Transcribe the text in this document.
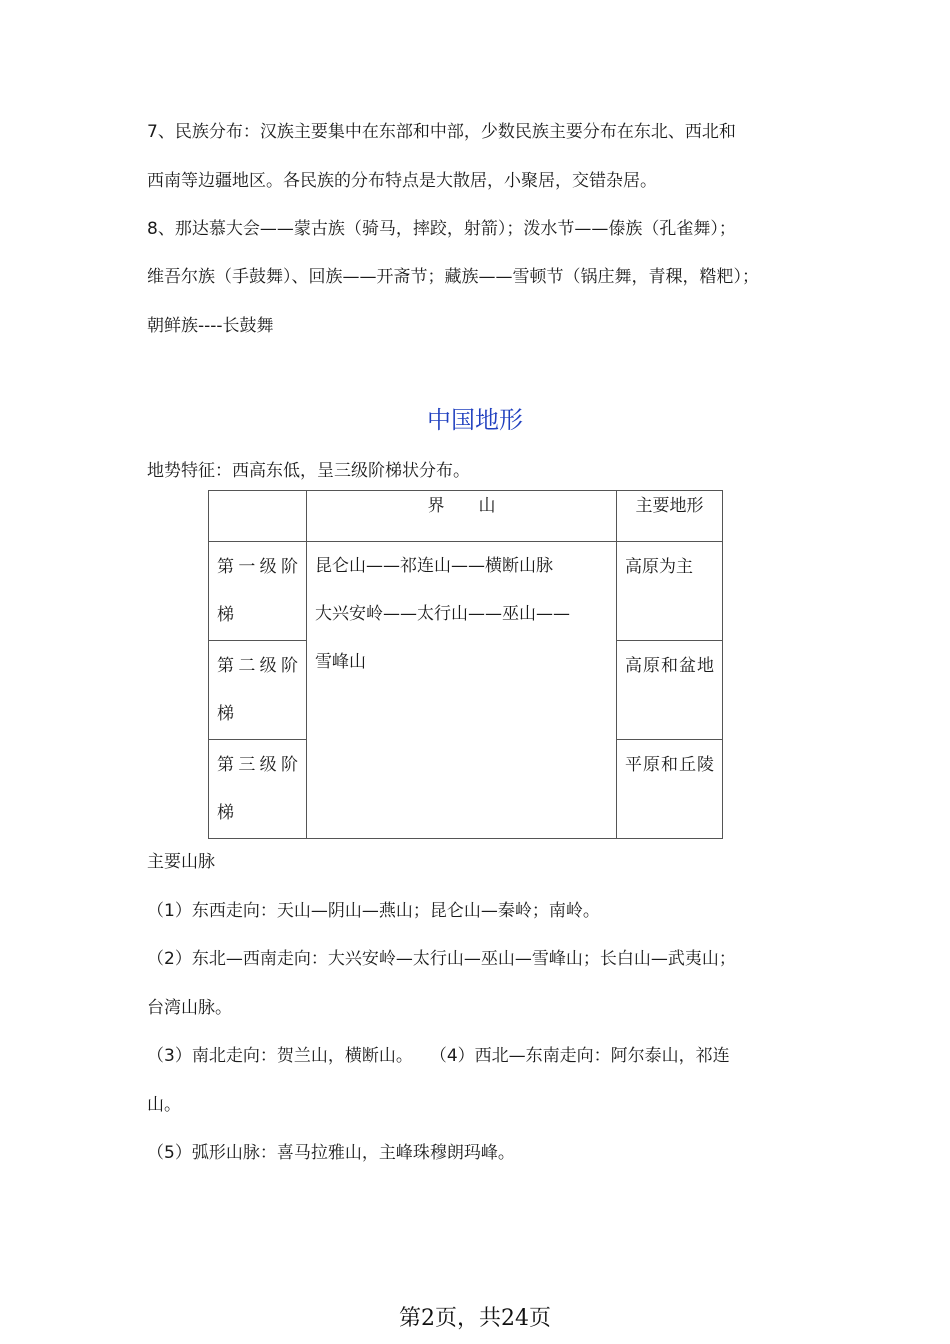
7、民族分布：汉族主要集中在东部和中部，少数民族主要分布在东北、西北和
西南等边疆地区。各民族的分布特点是大散居，小聚居，交错杂居。
8、那达慕大会——蒙古族（骑马，摔跤，射箭）；泼水节——傣族（孔雀舞）；
维吾尔族（手鼓舞）、回族——开斋节；藏族——雪顿节（锅庄舞，青稞，糌粑）；
朝鲜族----长鼓舞
中国地形
地势特征：西高东低，呈三级阶梯状分布。
	界　　山	主要地形
第一级阶梯	昆仑山——祁连山——横断山脉
大兴安岭——太行山——巫山——
雪峰山	高原为主
第二级阶梯		高原和盆地
第三级阶梯		平原和丘陵
主要山脉
（1）东西走向：天山—阴山—燕山；昆仑山—秦岭；南岭。
（2）东北—西南走向：大兴安岭—太行山—巫山—雪峰山；长白山—武夷山；
台湾山脉。
（3）南北走向：贺兰山，横断山。　　（4）西北—东南走向：阿尔泰山，祁连
山。
（5）弧形山脉：喜马拉雅山，主峰珠穆朗玛峰。
第2页，共24页
